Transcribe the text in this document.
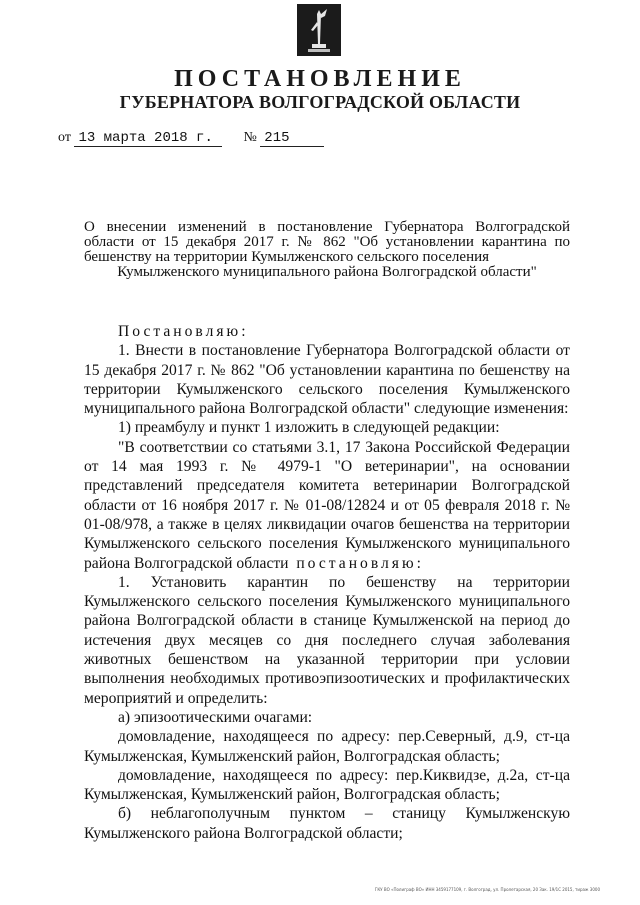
ПОСТАНОВЛЕНИЕ
ГУБЕРНАТОРА ВОЛГОГРАДСКОЙ ОБЛАСТИ
от 13 марта 2018 г. № 215
О внесении изменений в постановление Губернатора Волгоградской области от 15 декабря 2017 г. № 862 "Об установлении карантина по бешенству на территории Кумылженского сельского поселения
Кумылженского муниципального района Волгоградской области"

Постановляю:

1. Внести в постановление Губернатора Волгоградской области от 15 декабря 2017 г. № 862 "Об установлении карантина по бешенству на территории Кумылженского сельского поселения Кумылженского муниципального района Волгоградской области" следующие изменения:

1) преамбулу и пункт 1 изложить в следующей редакции:

"В соответствии со статьями 3.1, 17 Закона Российской Федерации от 14 мая 1993 г. № 4979-1 "О ветеринарии", на основании представлений председателя комитета ветеринарии Волгоградской области от 16 ноября 2017 г. № 01-08/12824 и от 05 февраля 2018 г. № 01-08/978, а также в целях ликвидации очагов бешенства на территории Кумылженского сельского поселения Кумылженского муниципального района Волгоградской области постановляю:

1. Установить карантин по бешенству на территории Кумылженского сельского поселения Кумылженского муниципального района Волгоградской области в станице Кумылженской на период до истечения двух месяцев со дня последнего случая заболевания животных бешенством на указанной территории при условии выполнения необходимых противоэпизоотических и профилактических мероприятий и определить:

а) эпизоотическими очагами:

домовладение, находящееся по адресу: пер.Северный, д.9, ст-ца Кумылженская, Кумылженский район, Волгоградская область;

домовладение, находящееся по адресу: пер.Киквидзе, д.2а, ст-ца Кумылженская, Кумылженский район, Волгоградская область;

б) неблагополучным пунктом – станицу Кумылженскую Кумылженского района Волгоградской области;

ГКУ ВО «Полиграф ВО» ИНН 3459177109, г. Волгоград, ул. Пролетарская, 20 Зак. 19/1С 2015, тираж 3000
